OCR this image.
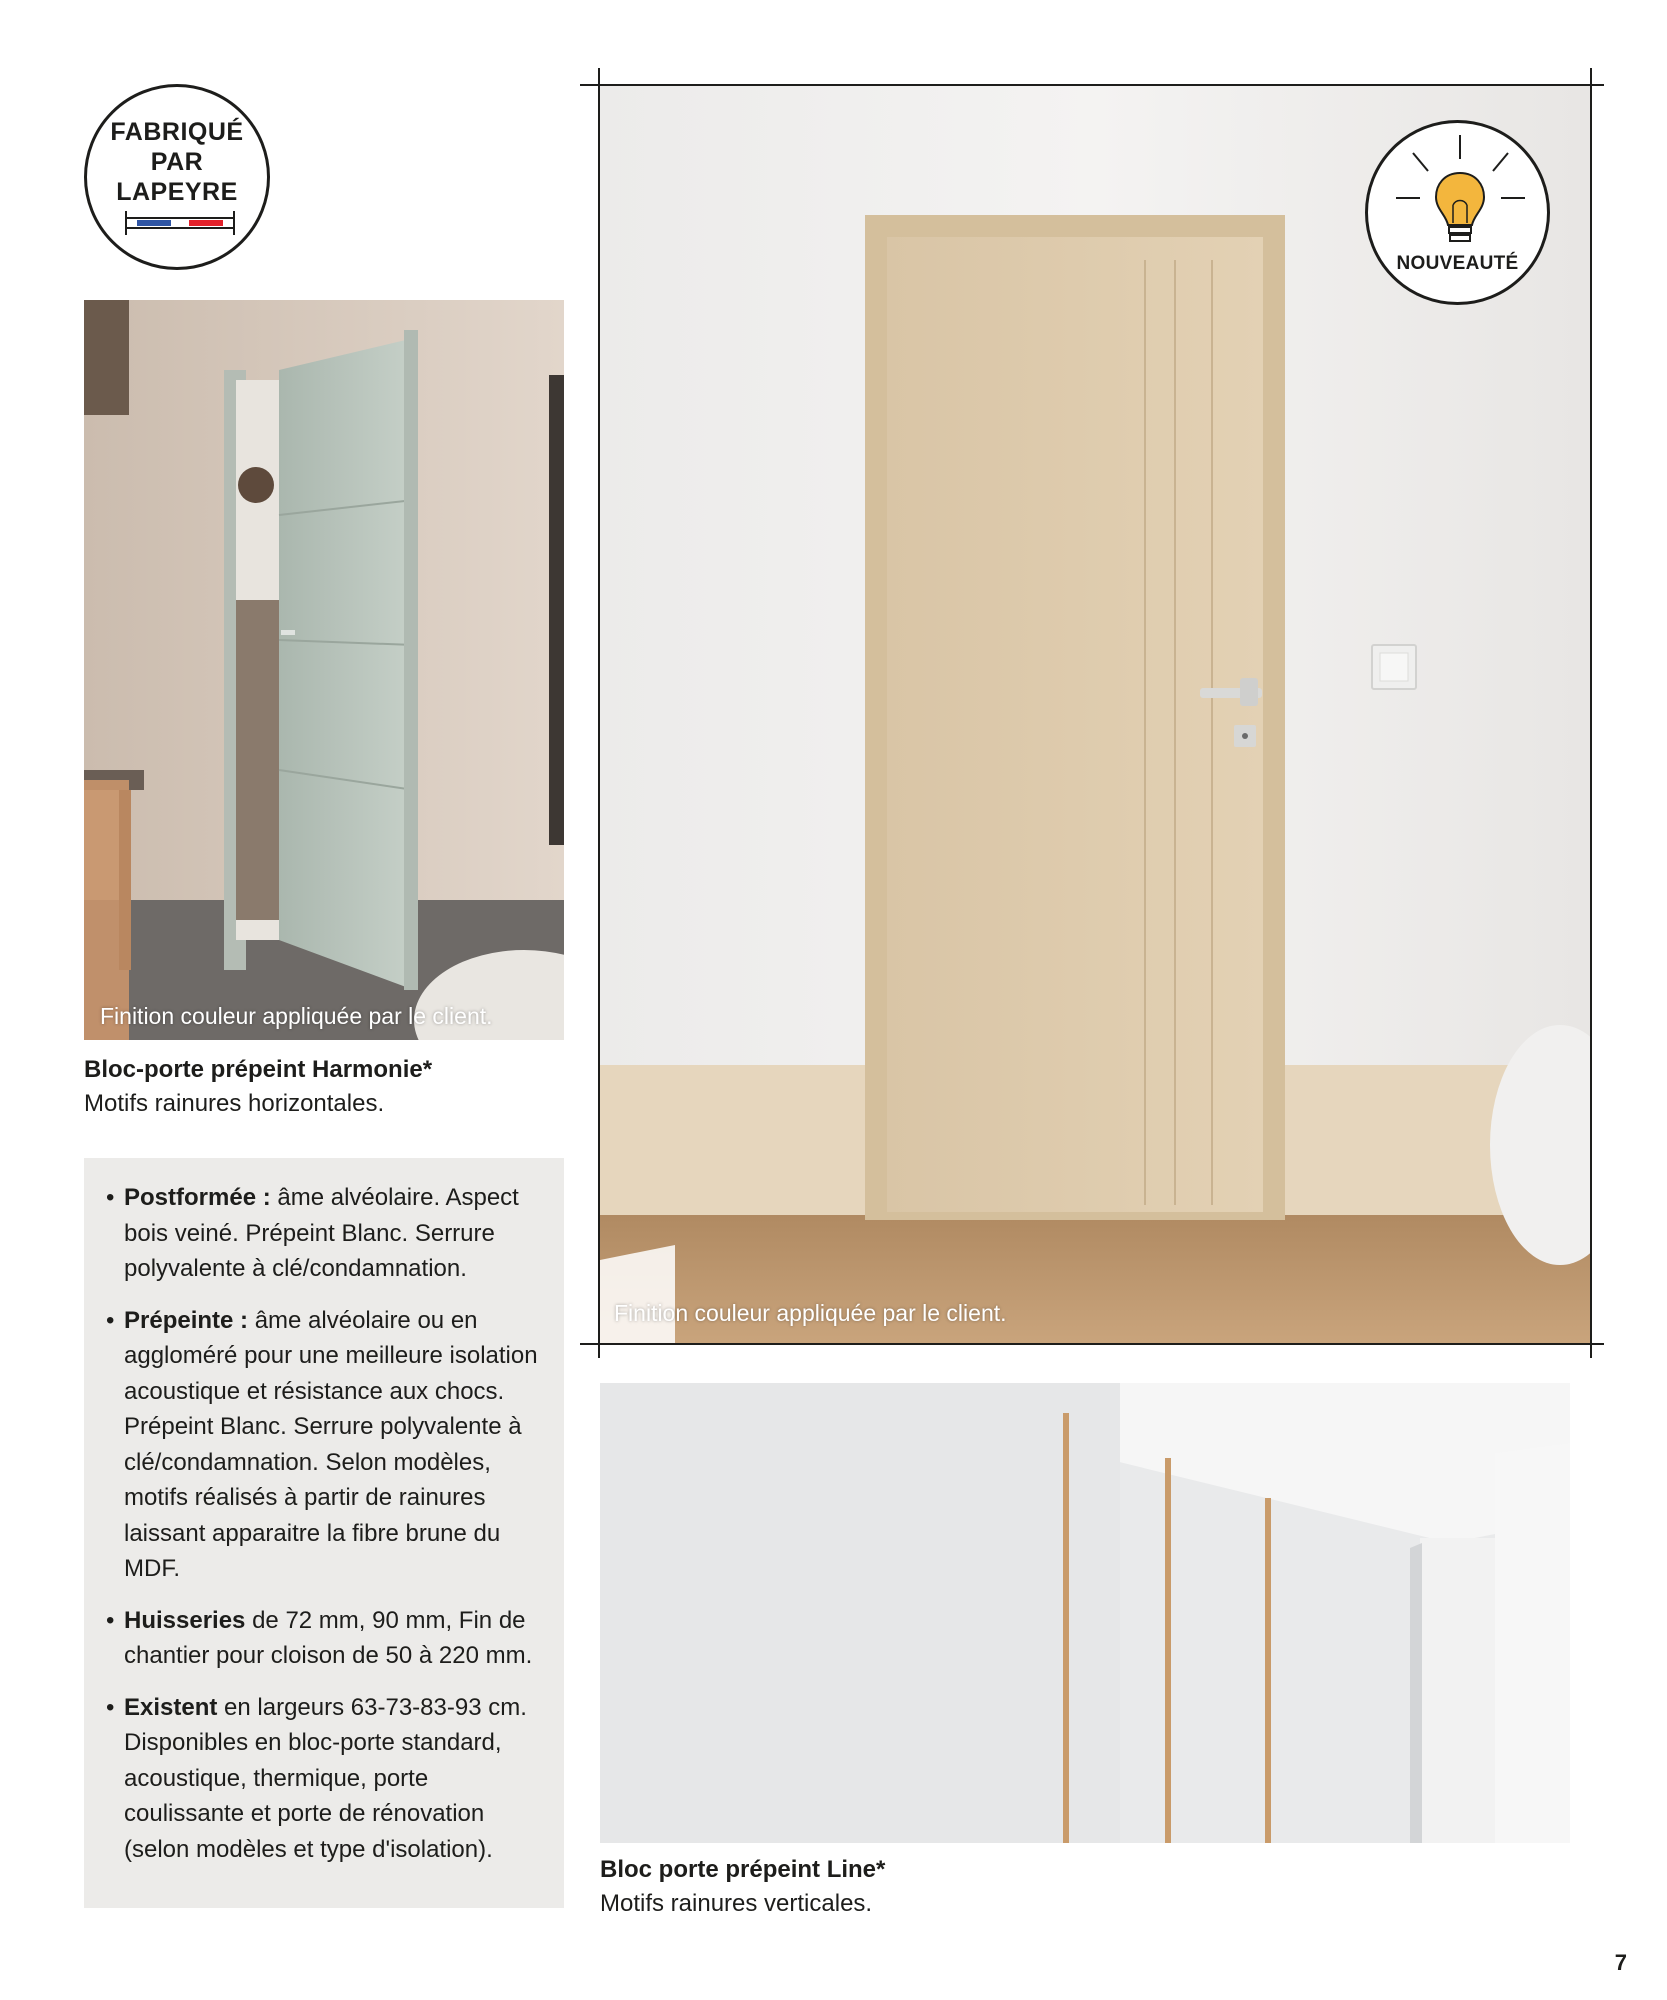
FABRIQUÉ
PAR
LAPEYRE
Finition couleur appliquée par le client.
Bloc-porte prépeint Harmonie*
Motifs rainures horizontales.
• Postformée : âme alvéolaire. Aspect bois veiné. Prépeint Blanc. Serrure polyvalente à clé/condamnation.
• Prépeinte : âme alvéolaire ou en aggloméré pour une meilleure isolation acoustique et résistance aux chocs. Prépeint Blanc. Serrure polyvalente à clé/condamnation. Selon modèles, motifs réalisés à partir de rainures laissant apparaitre la fibre brune du MDF.
• Huisseries de 72 mm, 90 mm, Fin de chantier pour cloison de 50 à 220 mm.
• Existent en largeurs 63-73-83-93 cm. Disponibles en bloc-porte standard, acoustique, thermique, porte coulissante et porte de rénovation (selon modèles et type d'isolation).
Finition couleur appliquée par le client.
NOUVEAUTÉ
Bloc porte prépeint Line*
Motifs rainures verticales.
7
